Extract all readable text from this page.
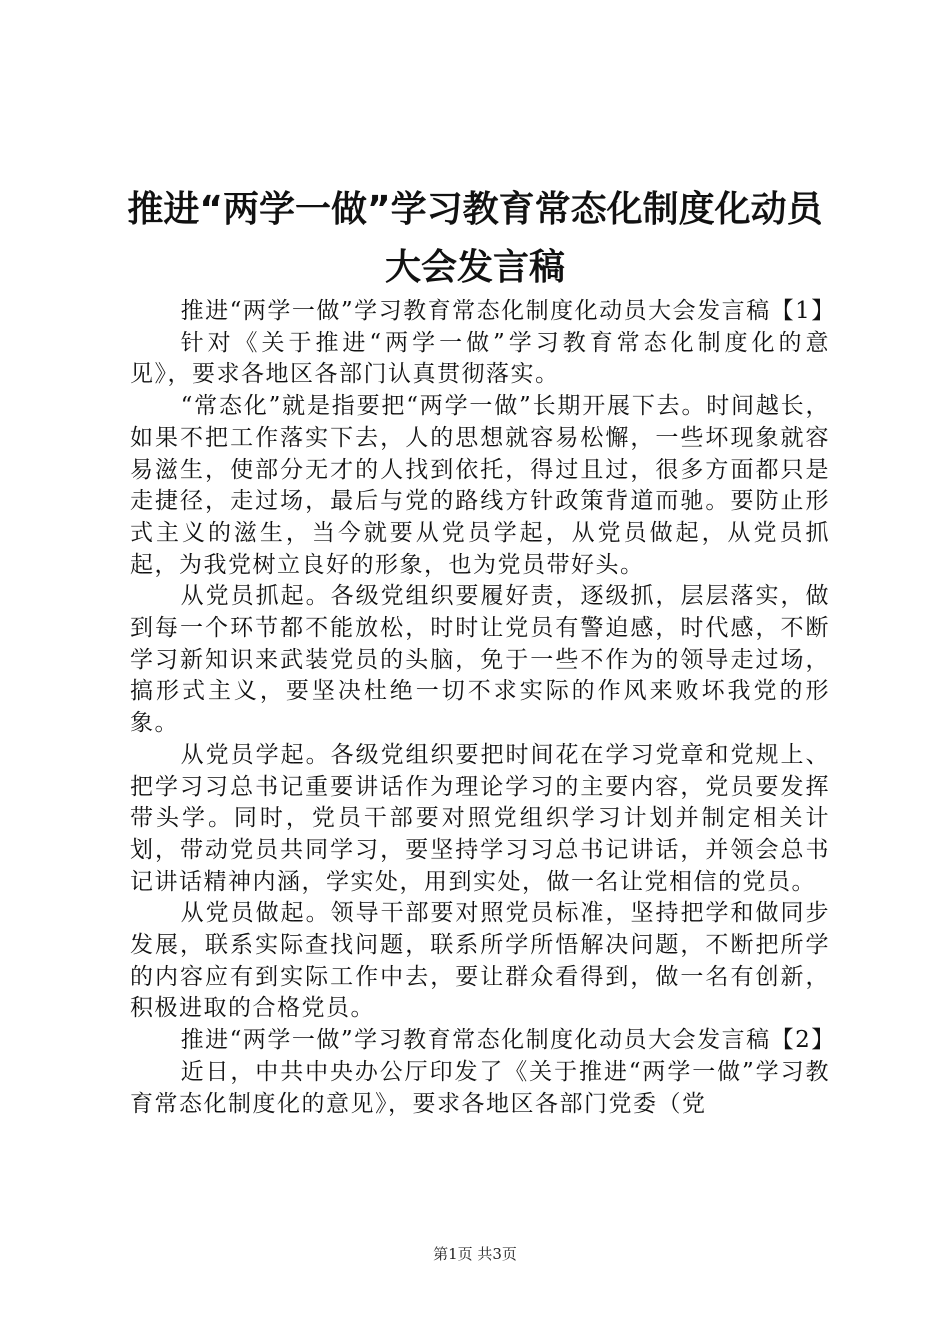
推进“两学一做”学习教育常态化制度化动员
大会发言稿

推进“两学一做”学习教育常态化制度化动员大会发言稿【1】

针对《关于推进“两学一做”学习教育常态化制度化的意见》，要求各地区各部门认真贯彻落实。

“常态化”就是指要把“两学一做”长期开展下去。时间越长，如果不把工作落实下去，人的思想就容易松懈，一些坏现象就容易滋生，使部分无才的人找到依托，得过且过，很多方面都只是走捷径，走过场，最后与党的路线方针政策背道而驰。要防止形式主义的滋生，当今就要从党员学起，从党员做起，从党员抓起，为我党树立良好的形象，也为党员带好头。

从党员抓起。各级党组织要履好责，逐级抓，层层落实，做到每一个环节都不能放松，时时让党员有警迫感，时代感，不断学习新知识来武装党员的头脑，免于一些不作为的领导走过场，搞形式主义，要坚决杜绝一切不求实际的作风来败坏我党的形象。

从党员学起。各级党组织要把时间花在学习党章和党规上、把学习习总书记重要讲话作为理论学习的主要内容，党员要发挥带头学。同时，党员干部要对照党组织学习计划并制定相关计划，带动党员共同学习，要坚持学习习总书记讲话，并领会总书记讲话精神内涵，学实处，用到实处，做一名让党相信的党员。

从党员做起。领导干部要对照党员标准，坚持把学和做同步发展，联系实际查找问题，联系所学所悟解决问题，不断把所学的内容应有到实际工作中去，要让群众看得到，做一名有创新，积极进取的合格党员。

推进“两学一做”学习教育常态化制度化动员大会发言稿【2】

近日，中共中央办公厅印发了《关于推进“两学一做”学习教育常态化制度化的意见》，要求各地区各部门党委（党

第1页 共3页
